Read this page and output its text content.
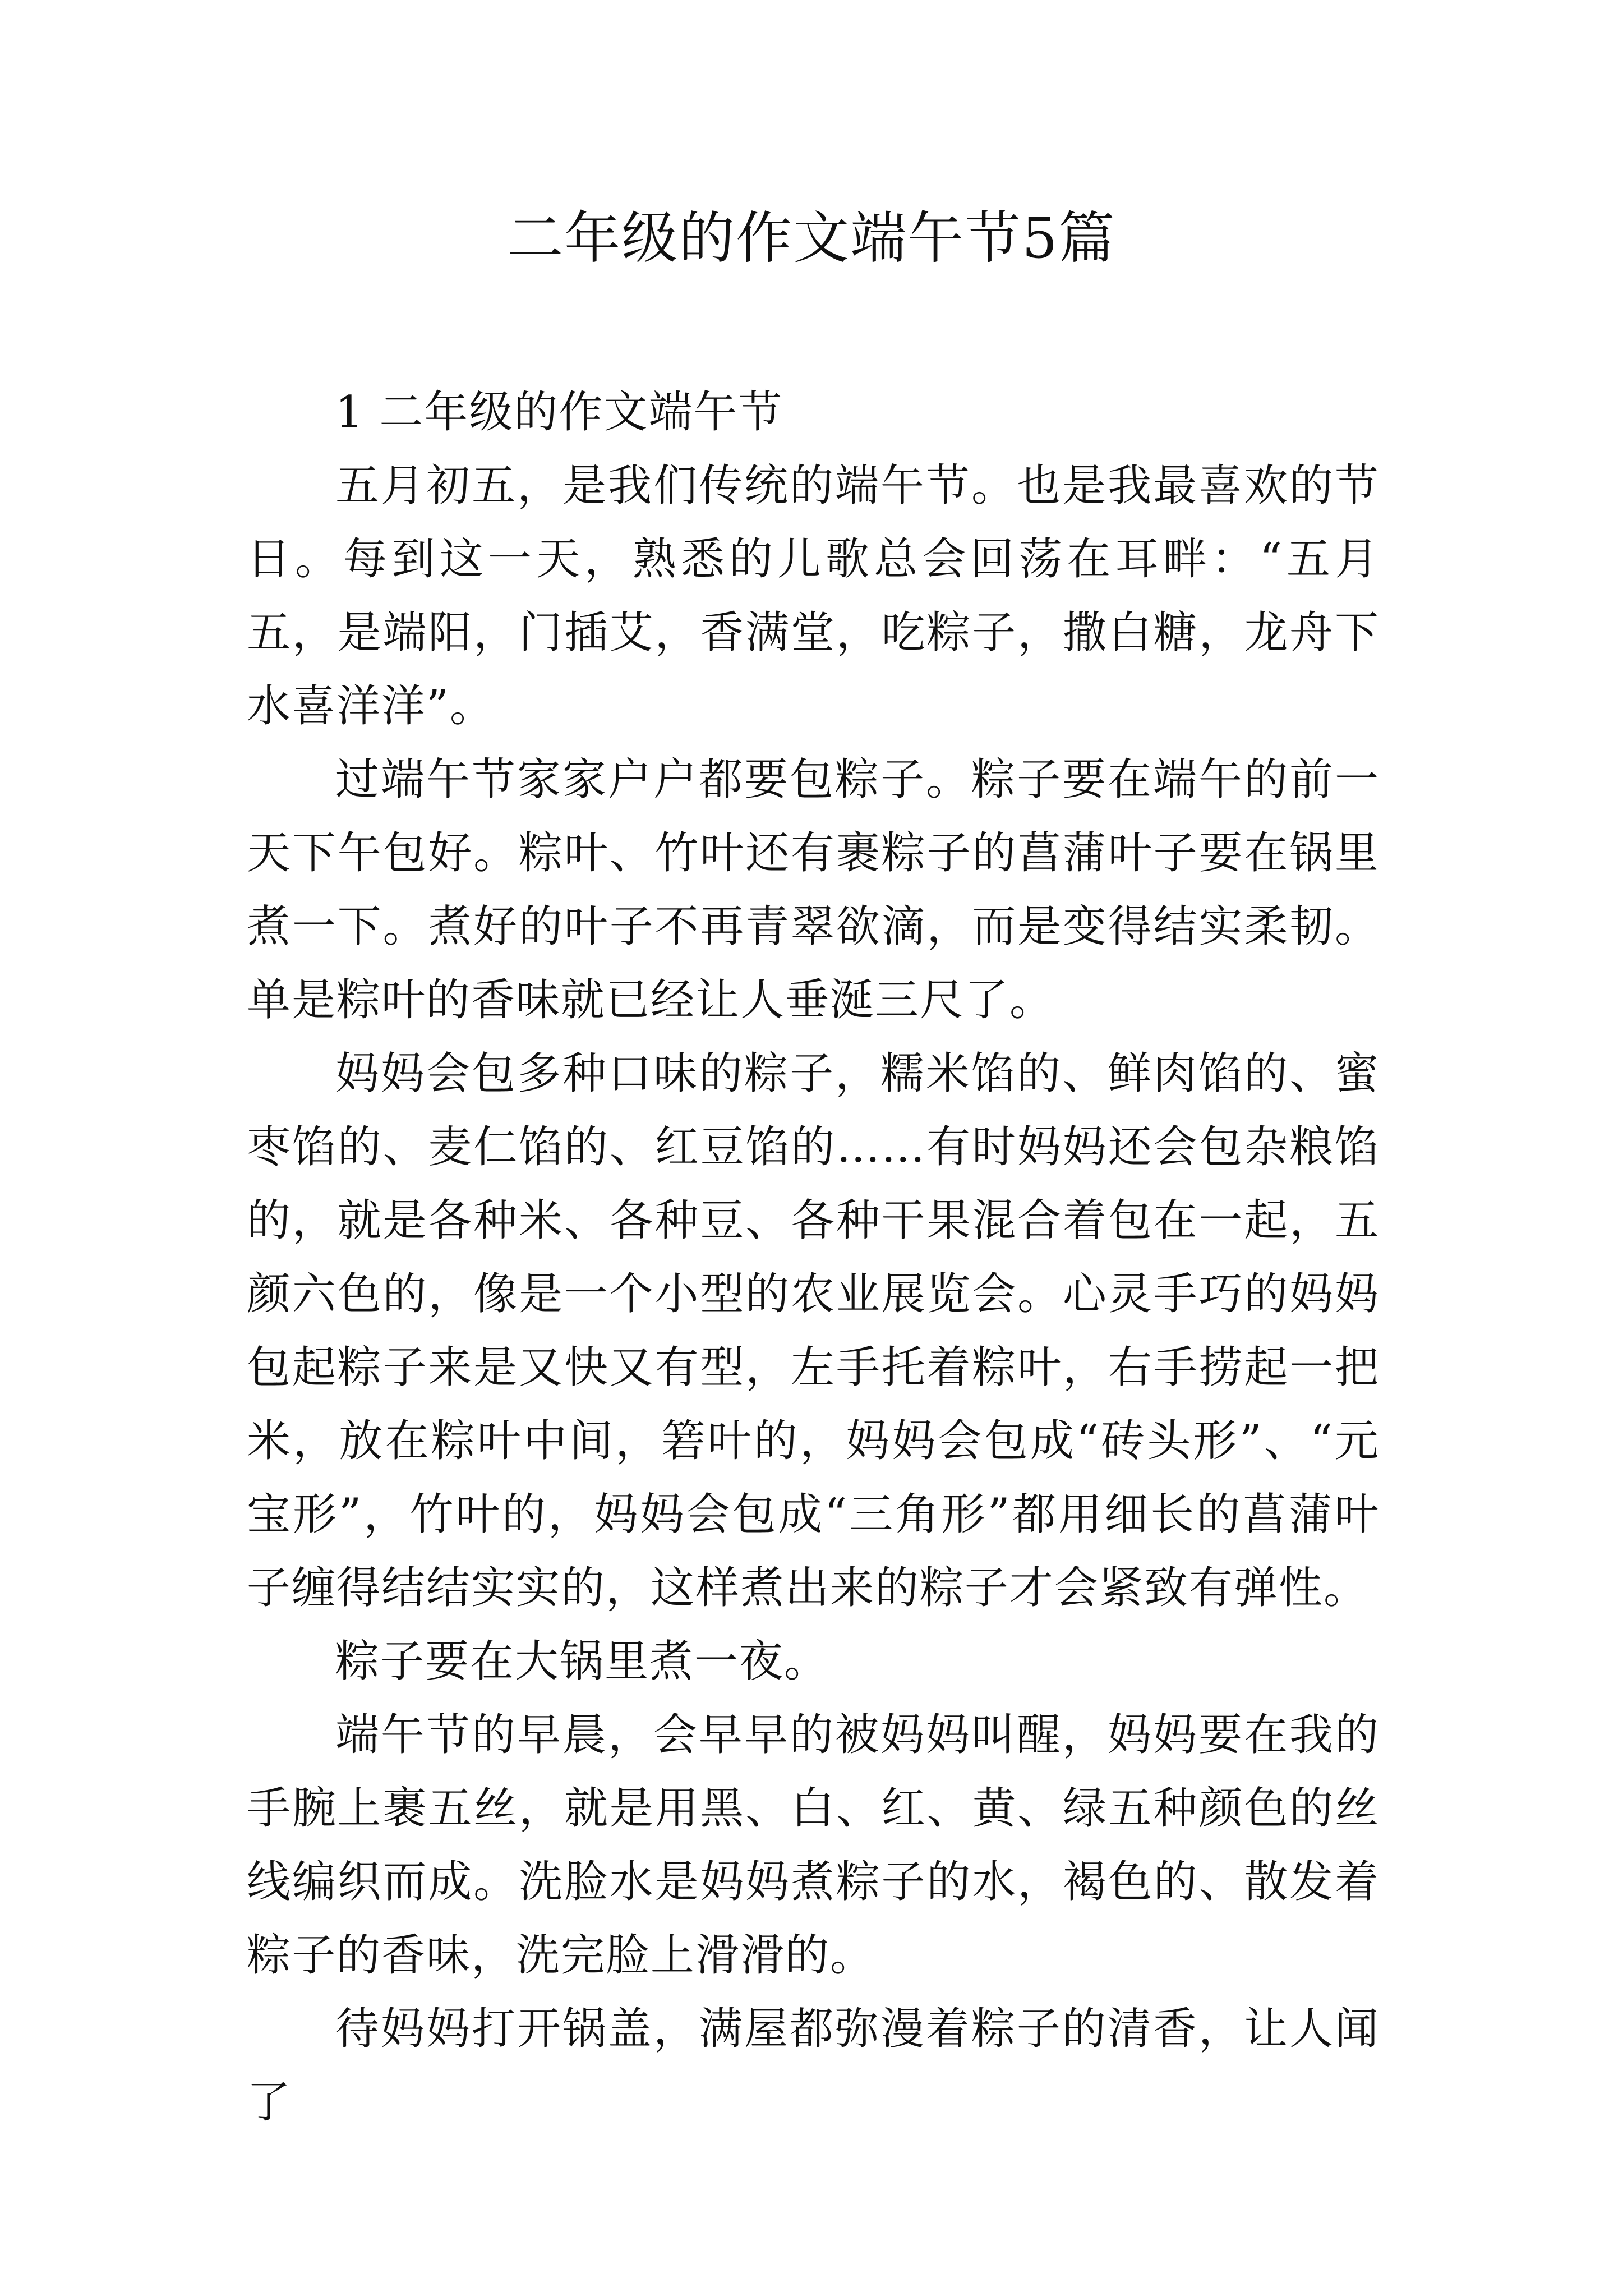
二年级的作文端午节5篇

1 二年级的作文端午节

五月初五，是我们传统的端午节。也是我最喜欢的节日。每到这一天，熟悉的儿歌总会回荡在耳畔：“五月五，是端阳，门插艾，香满堂，吃粽子，撒白糖，龙舟下水喜洋洋”。

过端午节家家户户都要包粽子。粽子要在端午的前一天下午包好。粽叶、竹叶还有裹粽子的菖蒲叶子要在锅里煮一下。煮好的叶子不再青翠欲滴，而是变得结实柔韧。单是粽叶的香味就已经让人垂涎三尺了。

妈妈会包多种口味的粽子，糯米馅的、鲜肉馅的、蜜枣馅的、麦仁馅的、红豆馅的……有时妈妈还会包杂粮馅的，就是各种米、各种豆、各种干果混合着包在一起，五颜六色的，像是一个小型的农业展览会。心灵手巧的妈妈包起粽子来是又快又有型，左手托着粽叶，右手捞起一把米，放在粽叶中间，箬叶的，妈妈会包成“砖头形”、“元宝形”，竹叶的，妈妈会包成“三角形”都用细长的菖蒲叶子缠得结结实实的，这样煮出来的粽子才会紧致有弹性。

粽子要在大锅里煮一夜。

端午节的早晨，会早早的被妈妈叫醒，妈妈要在我的手腕上裹五丝，就是用黑、白、红、黄、绿五种颜色的丝线编织而成。洗脸水是妈妈煮粽子的水，褐色的、散发着粽子的香味，洗完脸上滑滑的。

待妈妈打开锅盖，满屋都弥漫着粽子的清香，让人闻了
